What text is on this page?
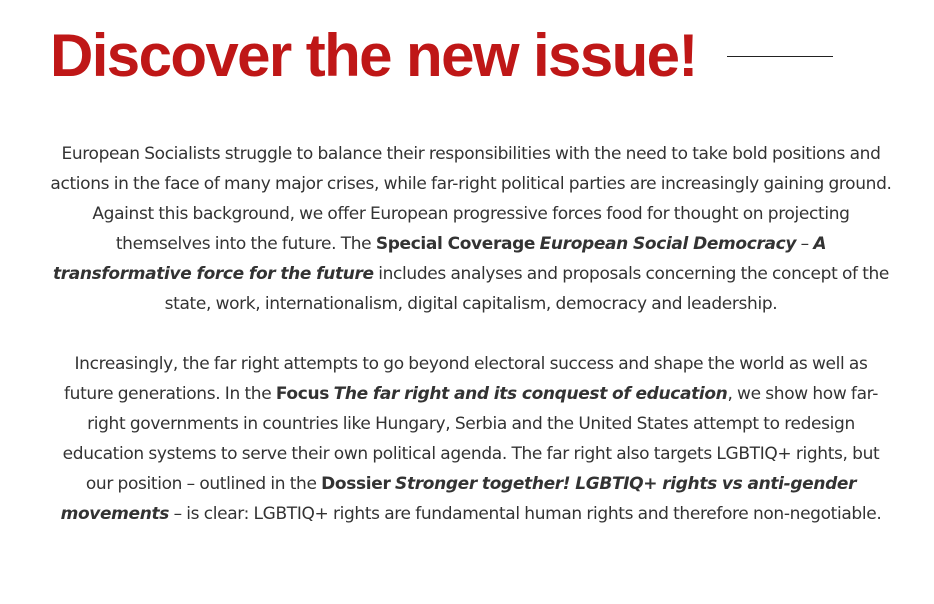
Discover the new issue!

European Socialists struggle to balance their responsibilities with the need to take bold positions and actions in the face of many major crises, while far-right political parties are increasingly gaining ground. Against this background, we offer European progressive forces food for thought on projecting themselves into the future. The Special Coverage European Social Democracy – A transformative force for the future includes analyses and proposals concerning the concept of the state, work, internationalism, digital capitalism, democracy and leadership.

Increasingly, the far right attempts to go beyond electoral success and shape the world as well as future generations. In the Focus The far right and its conquest of education, we show how far-right governments in countries like Hungary, Serbia and the United States attempt to redesign education systems to serve their own political agenda. The far right also targets LGBTIQ+ rights, but our position – outlined in the Dossier Stronger together! LGBTIQ+ rights vs anti-gender movements – is clear: LGBTIQ+ rights are fundamental human rights and therefore non-negotiable.
